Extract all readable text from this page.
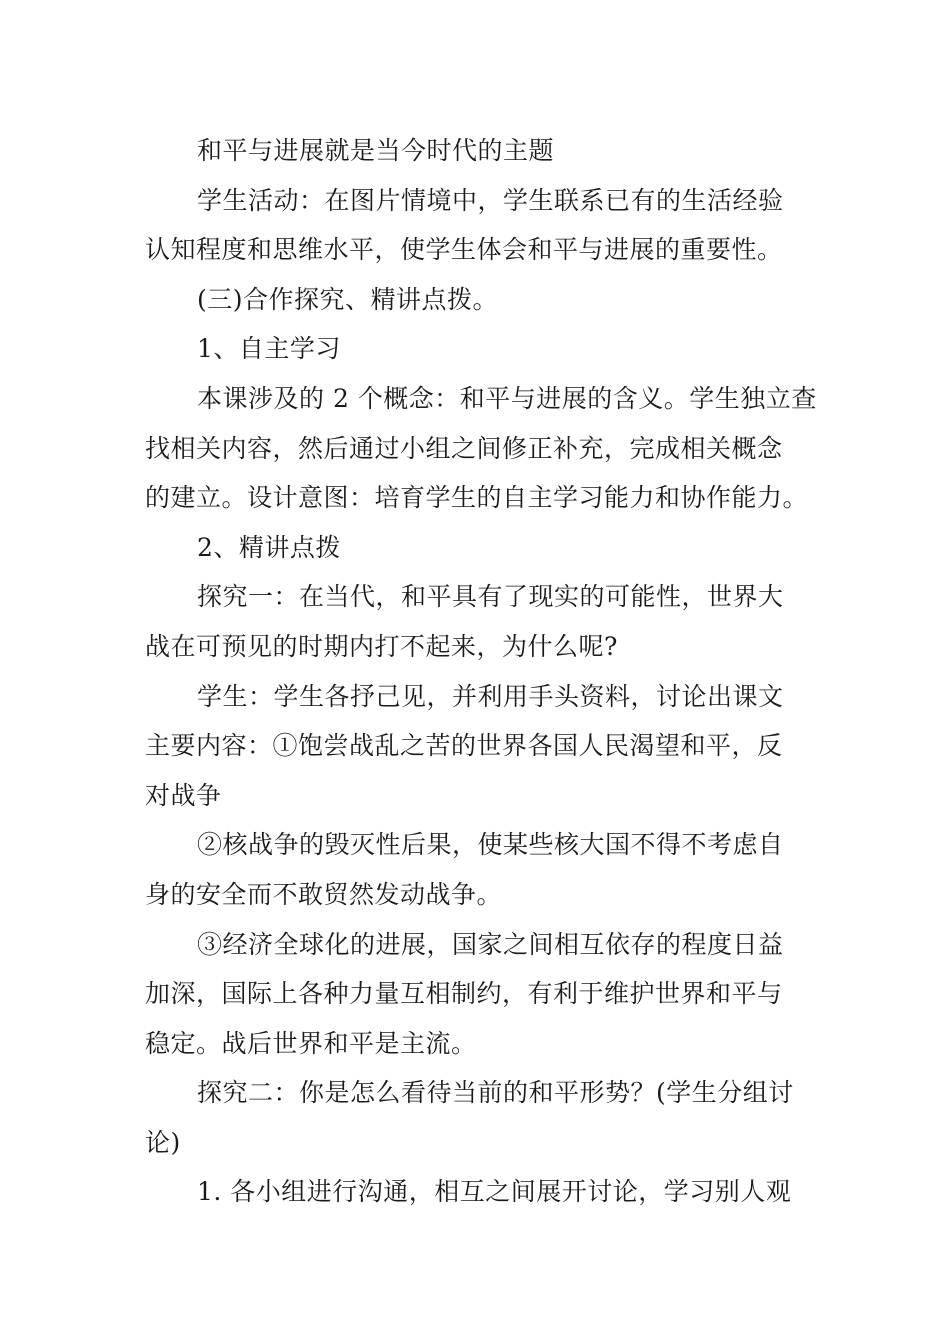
和平与进展就是当今时代的主题

学生活动：在图片情境中，学生联系已有的生活经验
认知程度和思维水平，使学生体会和平与进展的重要性。

(三)合作探究、精讲点拨。

1、自主学习

本课涉及的 2 个概念：和平与进展的含义。学生独立查
找相关内容，然后通过小组之间修正补充，完成相关概念
的建立。设计意图：培育学生的自主学习能力和协作能力。

2、精讲点拨

探究一：在当代，和平具有了现实的可能性，世界大
战在可预见的时期内打不起来，为什么呢?

学生：学生各抒己见，并利用手头资料，讨论出课文
主要内容：①饱尝战乱之苦的世界各国人民渴望和平，反
对战争

②核战争的毁灭性后果，使某些核大国不得不考虑自
身的安全而不敢贸然发动战争。

③经济全球化的进展，国家之间相互依存的程度日益
加深，国际上各种力量互相制约，有利于维护世界和平与
稳定。战后世界和平是主流。

探究二：你是怎么看待当前的和平形势？(学生分组讨
论)

1. 各小组进行沟通，相互之间展开讨论，学习别人观
